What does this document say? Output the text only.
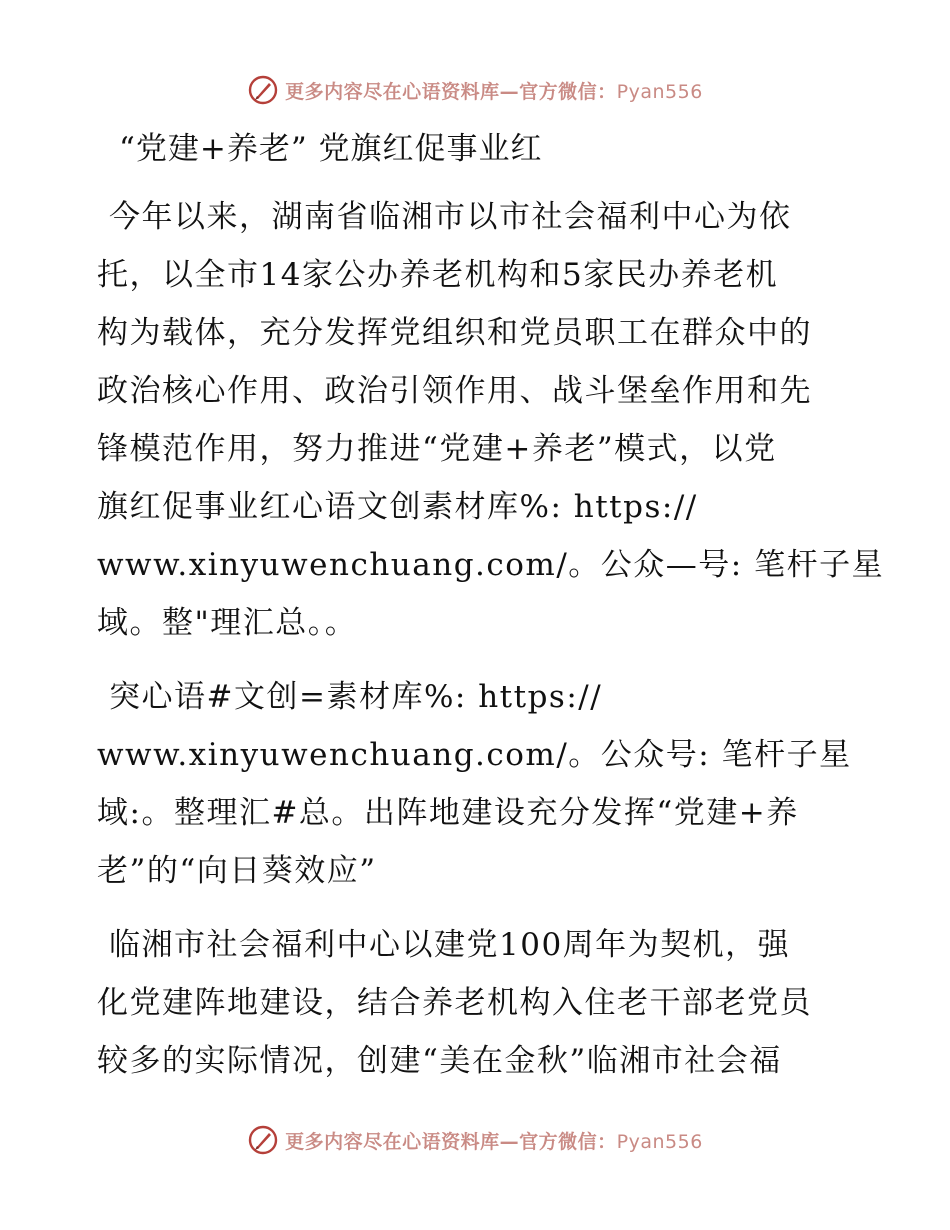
更多内容尽在心语资料库—官方微信：Pyan556
“党建+养老” 党旗红促事业红
今年以来，湖南省临湘市以市社会福利中心为依
托，以全市14家公办养老机构和5家民办养老机
构为载体，充分发挥党组织和党员职工在群众中的
政治核心作用、政治引领作用、战斗堡垒作用和先
锋模范作用，努力推进“党建+养老”模式，以党
旗红促事业红心语文创素材库%: https://
www.xinyuwenchuang.com/。公众—号: 笔杆子星
域。整"理汇总。。
突心语#文创=素材库%: https://
www.xinyuwenchuang.com/。公众号: 笔杆子星
域:。整理汇#总。出阵地建设充分发挥“党建+养
老”的“向日葵效应”
临湘市社会福利中心以建党100周年为契机，强
化党建阵地建设，结合养老机构入住老干部老党员
较多的实际情况，创建“美在金秋”临湘市社会福
更多内容尽在心语资料库—官方微信：Pyan556
